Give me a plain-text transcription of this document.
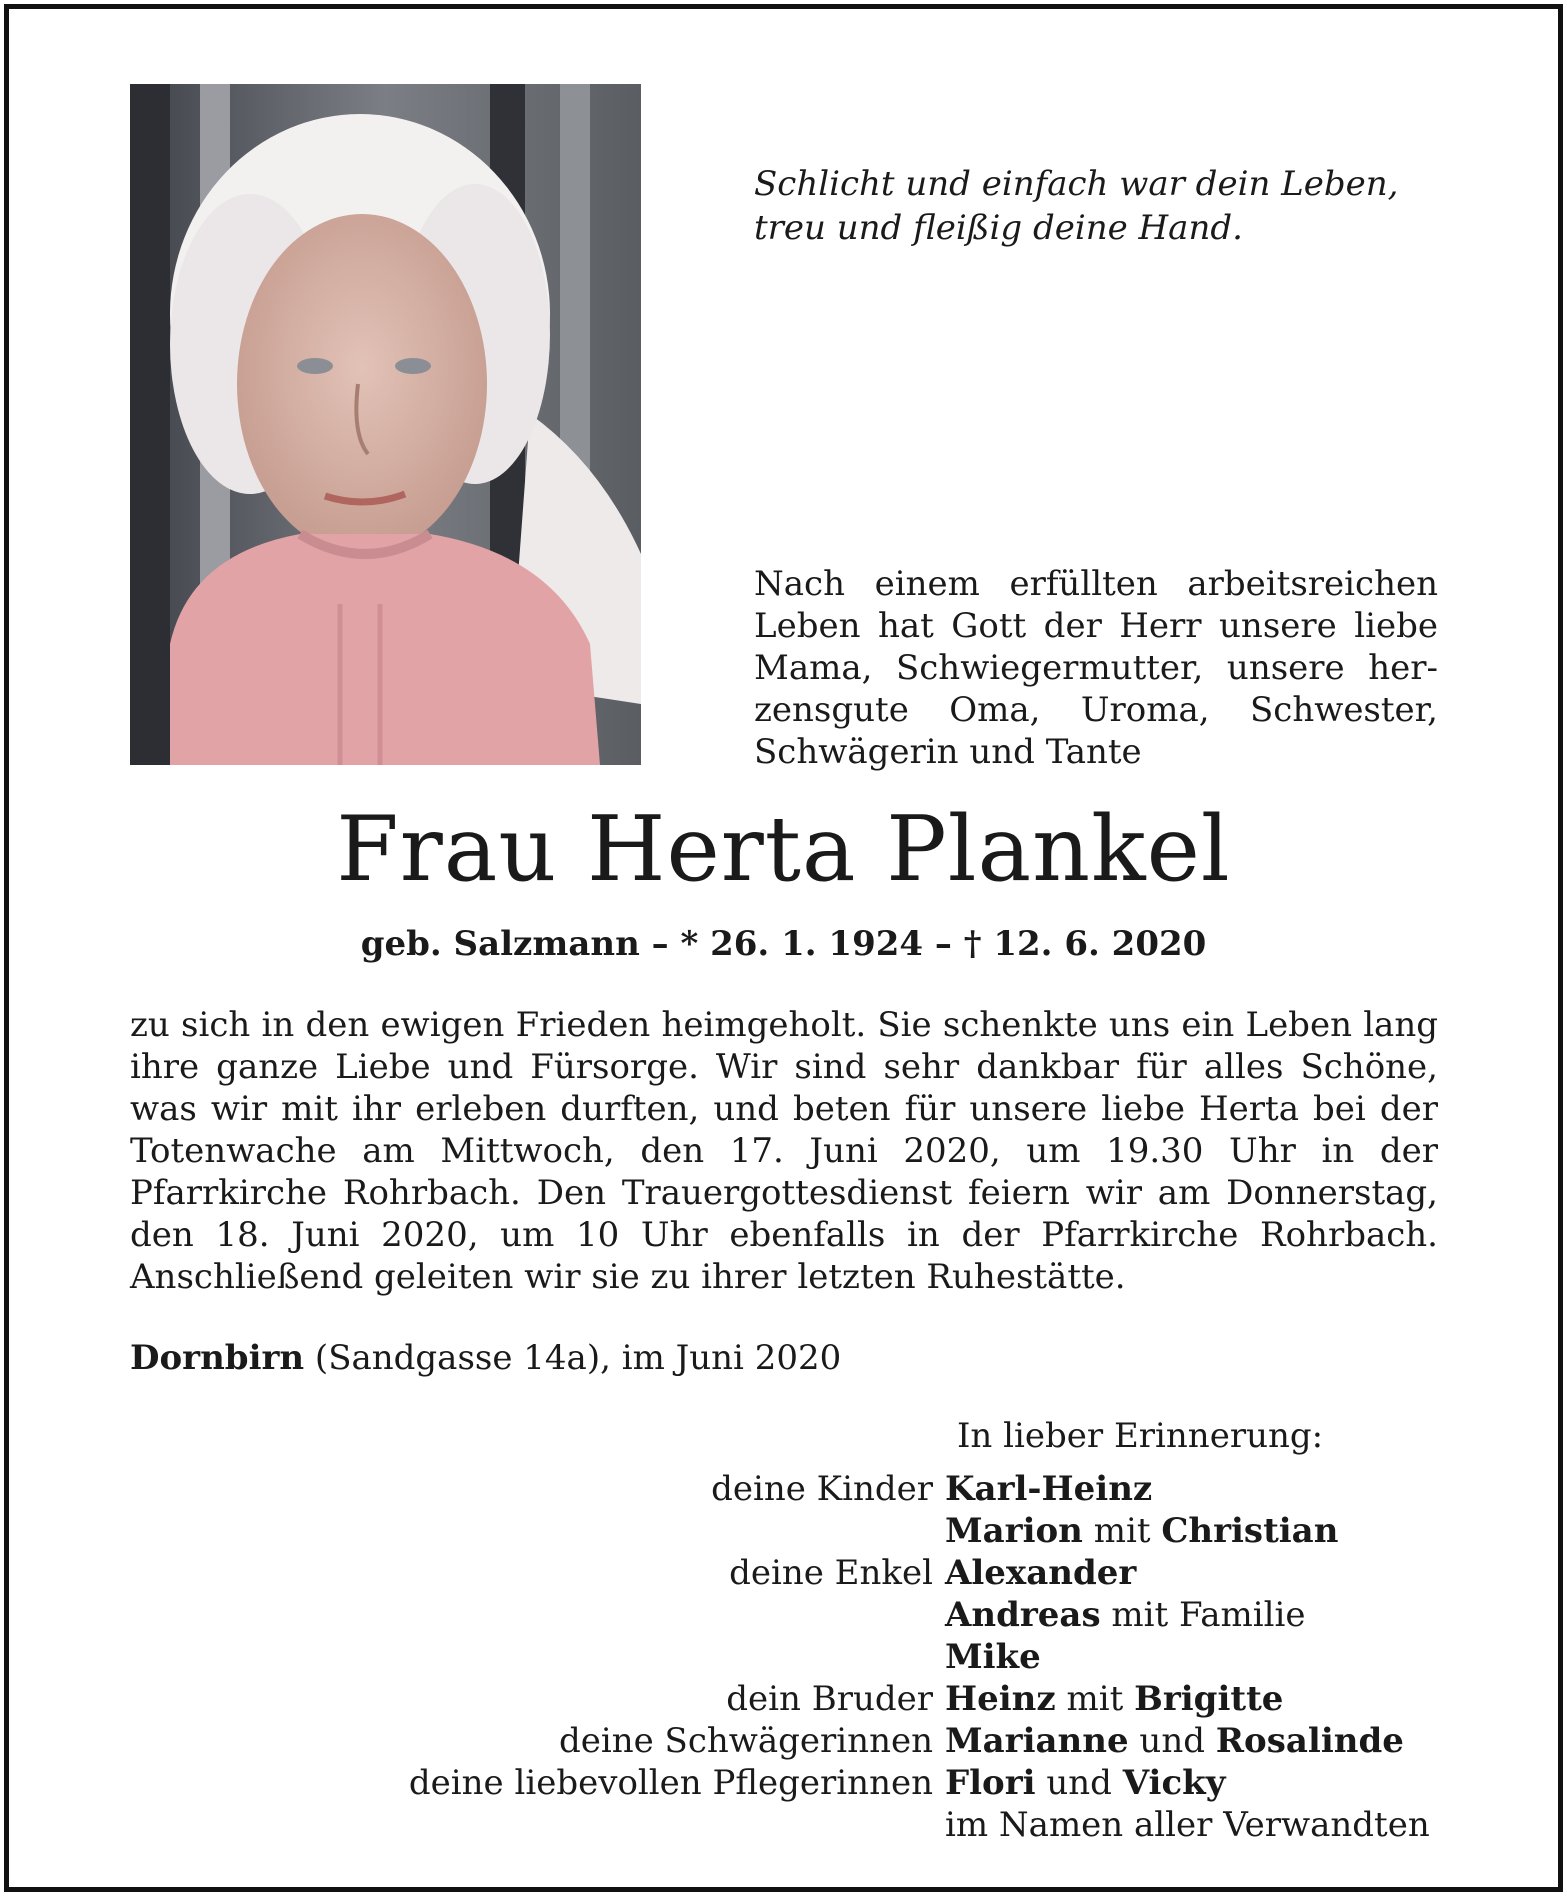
Schlicht und einfach war dein Leben,
treu und fleißig deine Hand.
Nach einem erfüllten arbeitsreichen Leben hat Gott der Herr unsere liebe Mama, Schwiegermutter, unsere herzensgute Oma, Uroma, Schwester, Schwägerin und Tante
Frau Herta Plankel
geb. Salzmann – * 26. 1. 1924 – † 12. 6. 2020
zu sich in den ewigen Frieden heimgeholt. Sie schenkte uns ein Leben lang ihre ganze Liebe und Fürsorge. Wir sind sehr dankbar für alles Schöne, was wir mit ihr erleben durften, und beten für unsere liebe Herta bei der Totenwache am Mittwoch, den 17. Juni 2020, um 19.30 Uhr in der Pfarrkirche Rohrbach. Den Trauergottesdienst feiern wir am Donnerstag, den 18. Juni 2020, um 10 Uhr ebenfalls in der Pfarrkirche Rohrbach.
Anschließend geleiten wir sie zu ihrer letzten Ruhestätte.
Dornbirn (Sandgasse 14a), im Juni 2020
In lieber Erinnerung:
deine Kinder Karl-Heinz
Marion mit Christian
deine Enkel Alexander
Andreas mit Familie
Mike
dein Bruder Heinz mit Brigitte
deine Schwägerinnen Marianne und Rosalinde
deine liebevollen Pflegerinnen Flori und Vicky
im Namen aller Verwandten
